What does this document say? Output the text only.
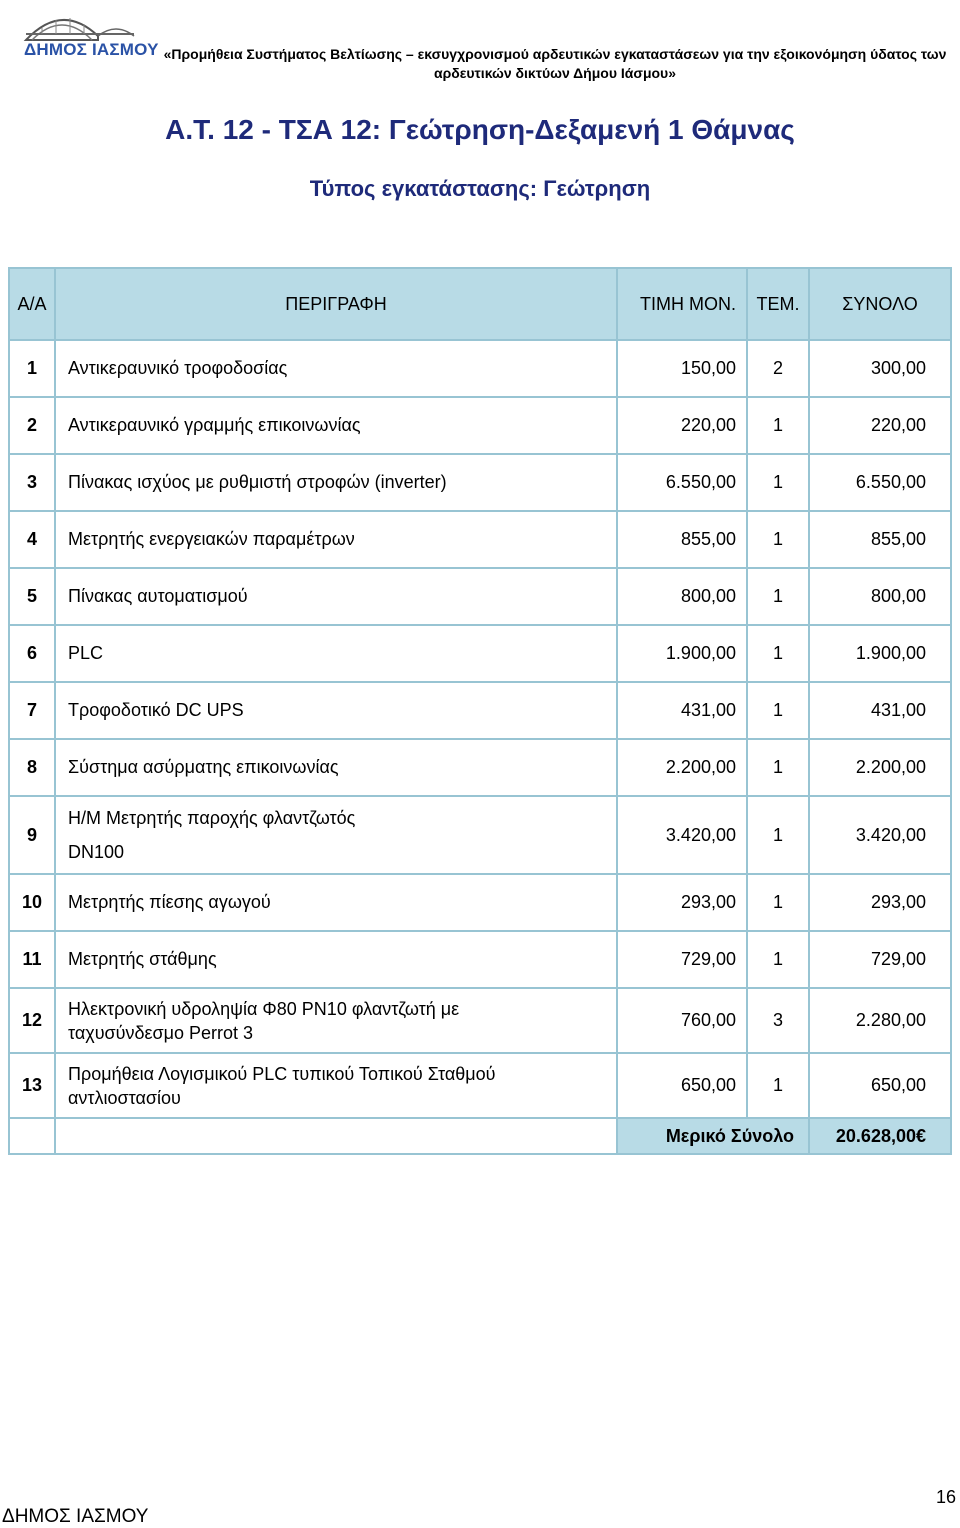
ΔΗΜΟΣ ΙΑΣΜΟΥ «Προμήθεια Συστήματος Βελτίωσης – εκσυγχρονισμού αρδευτικών εγκαταστάσεων για την εξοικονόμηση ύδατος των αρδευτικών δικτύων Δήμου Ιάσμου»
Α.Τ. 12 - ΤΣΑ 12: Γεώτρηση-Δεξαμενή 1 Θάμνας
Τύπος εγκατάστασης: Γεώτρηση
Α/Α	ΠΕΡΙΓΡΑΦΗ	ΤΙΜΗ ΜΟΝ.	ΤΕΜ.	ΣΥΝΟΛΟ
1	Αντικεραυνικό τροφοδοσίας	150,00	2	300,00
2	Αντικεραυνικό γραμμής επικοινωνίας	220,00	1	220,00
3	Πίνακας ισχύος με ρυθμιστή στροφών (inverter)	6.550,00	1	6.550,00
4	Μετρητής ενεργειακών παραμέτρων	855,00	1	855,00
5	Πίνακας αυτοματισμού	800,00	1	800,00
6	PLC	1.900,00	1	1.900,00
7	Τροφοδοτικό DC UPS	431,00	1	431,00
8	Σύστημα ασύρματης επικοινωνίας	2.200,00	1	2.200,00
9	Η/Μ Μετρητής παροχής φλαντζωτός
DN100	3.420,00	1	3.420,00
10	Μετρητής πίεσης αγωγού	293,00	1	293,00
11	Μετρητής στάθμης	729,00	1	729,00
12	Ηλεκτρονική υδροληψία Φ80 ΡΝ10 φλαντζωτή με
ταχυσύνδεσμο Perrot 3	760,00	3	2.280,00
13	Προμήθεια Λογισμικού PLC τυπικού Τοπικού Σταθμού
αντλιοστασίου	650,00	1	650,00
		Μερικό Σύνολο		20.628,00€
ΔΗΜΟΣ ΙΑΣΜΟΥ
16
